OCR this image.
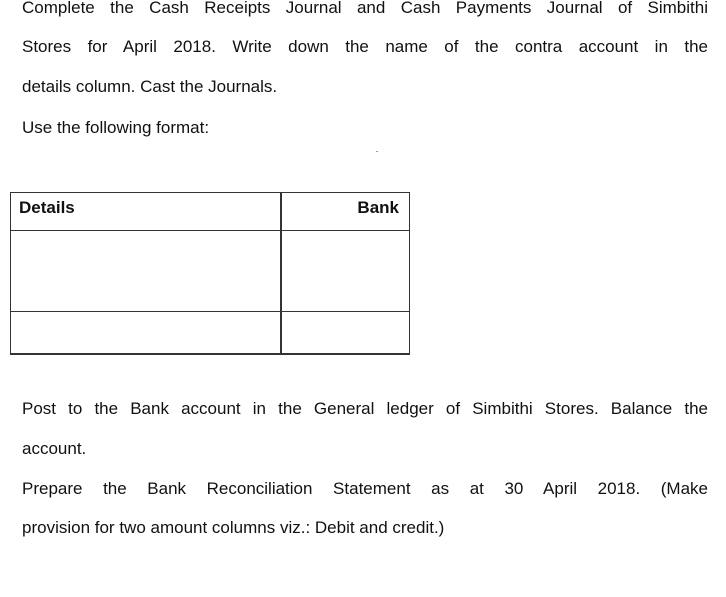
Complete the Cash Receipts Journal and Cash Payments Journal of Simbithi
Stores for April 2018. Write down the name of the contra account in the
details column. Cast the Journals.
Use the following format:
Details	Bank

Post to the Bank account in the General ledger of Simbithi Stores. Balance the
account.
Prepare the Bank Reconciliation Statement as at 30 April 2018. (Make
provision for two amount columns viz.: Debit and credit.)
